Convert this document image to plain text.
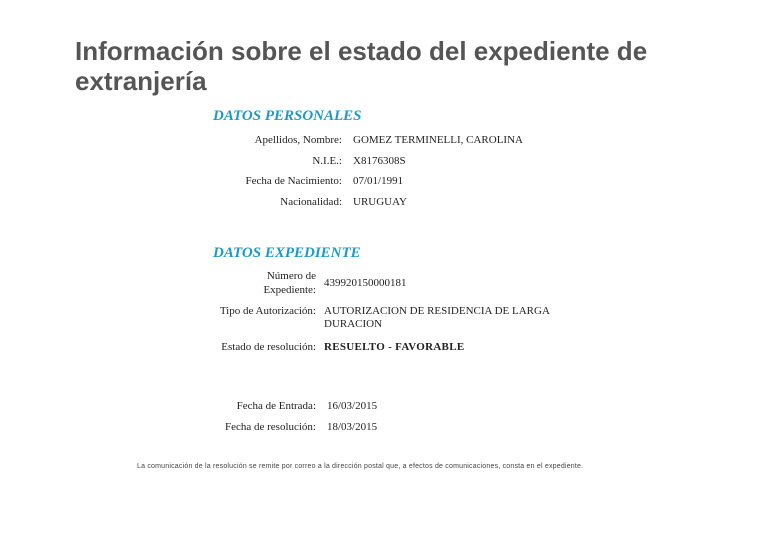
Información sobre el estado del expediente de extranjería
DATOS PERSONALES
Apellidos, Nombre: GOMEZ TERMINELLI, CAROLINA
N.I.E.: X8176308S
Fecha de Nacimiento: 07/01/1991
Nacionalidad: URUGUAY
DATOS EXPEDIENTE
Número de
Expediente:
439920150000181
Tipo de Autorización: AUTORIZACION DE RESIDENCIA DE LARGA DURACION
Estado de resolución: RESUELTO - FAVORABLE
Fecha de Entrada: 16/03/2015
Fecha de resolución: 18/03/2015
La comunicación de la resolución se remite por correo a la dirección postal que, a efectos de comunicaciones, consta en el expediente.
